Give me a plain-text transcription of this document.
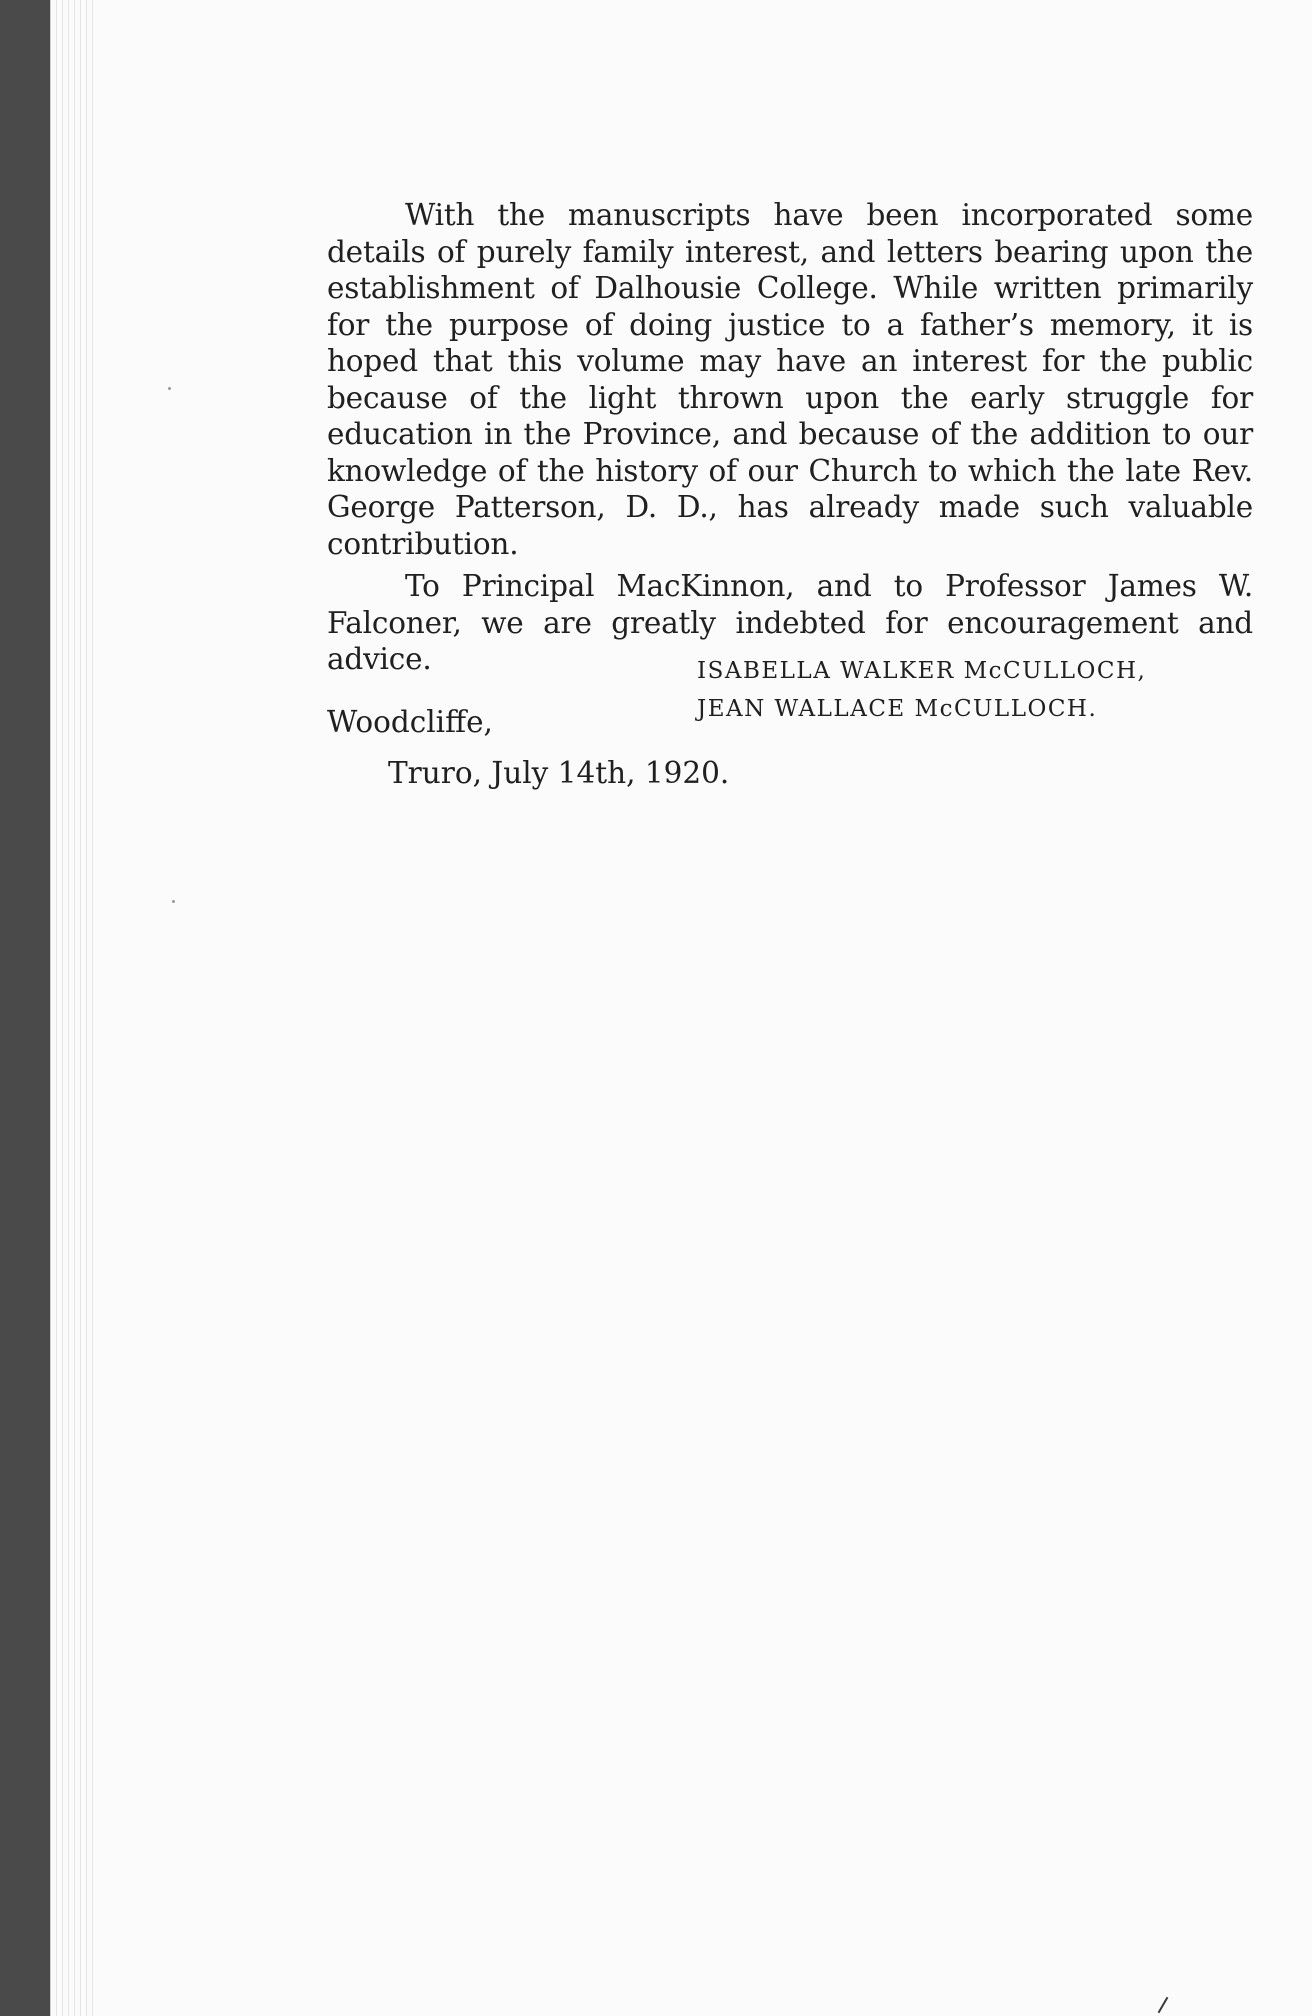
With the manuscripts have been incorporated some details of purely family interest, and letters bearing upon the establishment of Dalhousie College. While written primarily for the purpose of doing justice to a father’s memory, it is hoped that this volume may have an interest for the public because of the light thrown upon the early struggle for education in the Province, and because of the addition to our knowledge of the history of our Church to which the late Rev. George Patterson, D. D., has already made such valuable contribution.

To Principal MacKinnon, and to Professor James W. Falconer, we are greatly indebted for encouragement and advice.	ISABELLA WALKER McCULLOCH,
JEAN WALLACE McCULLOCH.
Woodcliffe,
Truro, July 14th, 1920.
